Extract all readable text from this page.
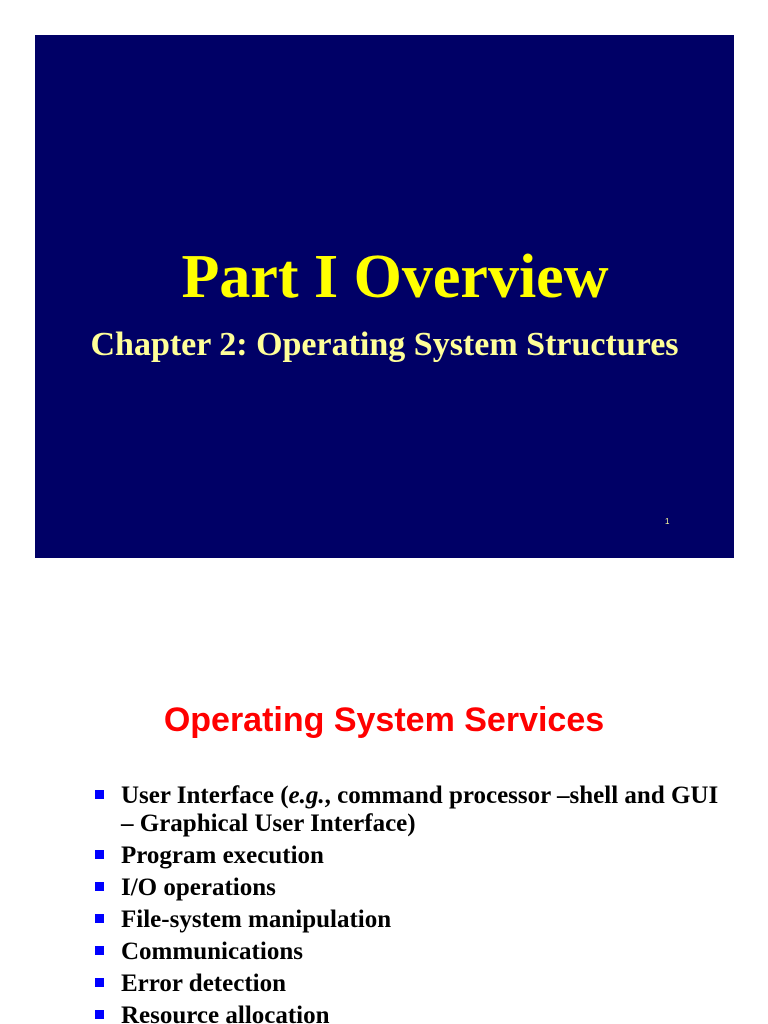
Part I Overview
Chapter 2: Operating System Structures
1
Operating System Services
User Interface (e.g., command processor –shell and GUI – Graphical User Interface)
Program execution
I/O operations
File-system manipulation
Communications
Error detection
Resource allocation
